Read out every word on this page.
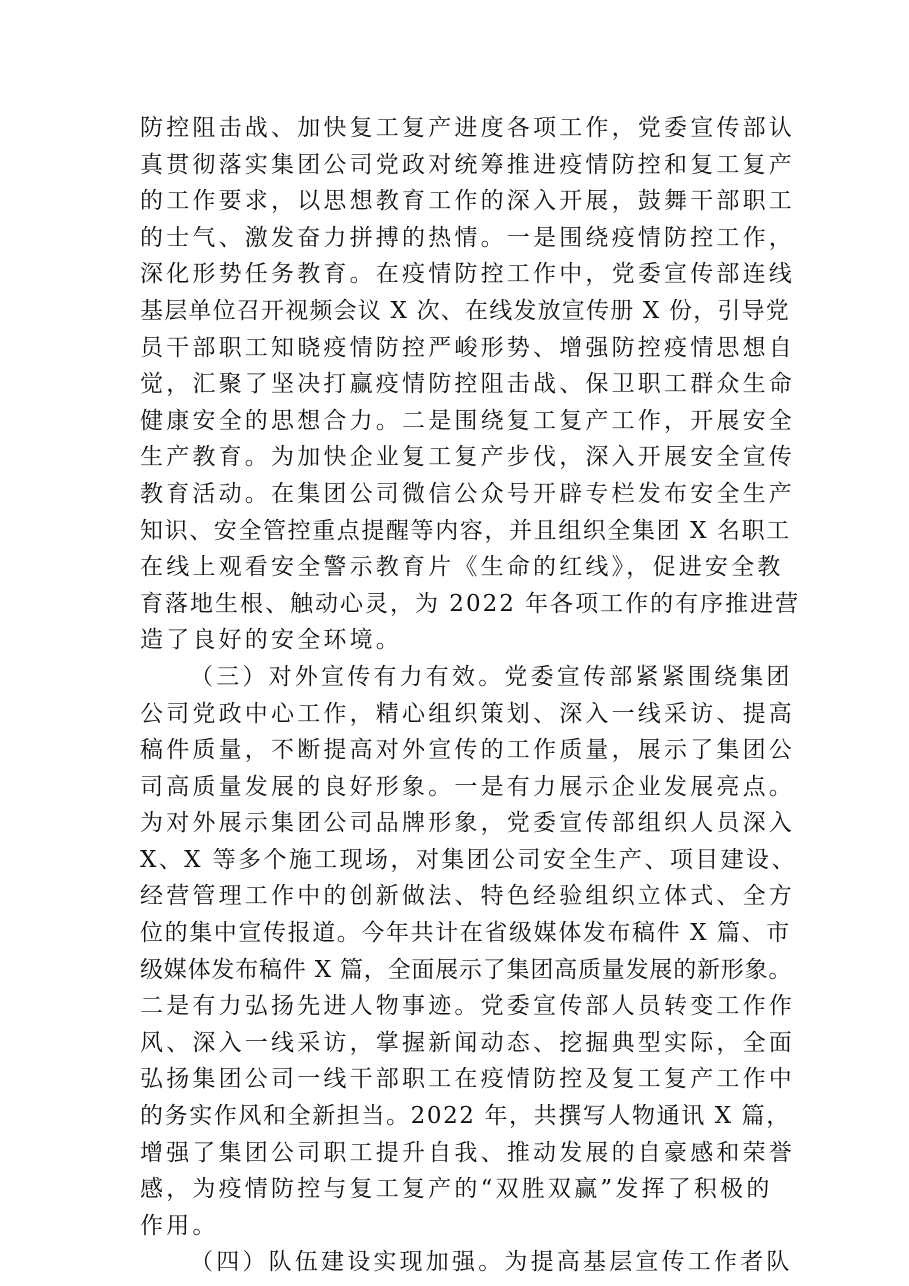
防控阻击战、加快复工复产进度各项工作，党委宣传部认
真贯彻落实集团公司党政对统筹推进疫情防控和复工复产
的工作要求，以思想教育工作的深入开展，鼓舞干部职工
的士气、激发奋力拼搏的热情。一是围绕疫情防控工作，
深化形势任务教育。在疫情防控工作中，党委宣传部连线
基层单位召开视频会议 X 次、在线发放宣传册 X 份，引导党
员干部职工知晓疫情防控严峻形势、增强防控疫情思想自
觉，汇聚了坚决打赢疫情防控阻击战、保卫职工群众生命
健康安全的思想合力。二是围绕复工复产工作，开展安全
生产教育。为加快企业复工复产步伐，深入开展安全宣传
教育活动。在集团公司微信公众号开辟专栏发布安全生产
知识、安全管控重点提醒等内容，并且组织全集团 X 名职工
在线上观看安全警示教育片《生命的红线》，促进安全教
育落地生根、触动心灵，为 2022 年各项工作的有序推进营
造了良好的安全环境。
（三）对外宣传有力有效。党委宣传部紧紧围绕集团
公司党政中心工作，精心组织策划、深入一线采访、提高
稿件质量，不断提高对外宣传的工作质量，展示了集团公
司高质量发展的良好形象。一是有力展示企业发展亮点。
为对外展示集团公司品牌形象，党委宣传部组织人员深入
X、X 等多个施工现场，对集团公司安全生产、项目建设、
经营管理工作中的创新做法、特色经验组织立体式、全方
位的集中宣传报道。今年共计在省级媒体发布稿件 X 篇、市
级媒体发布稿件 X 篇，全面展示了集团高质量发展的新形象。
二是有力弘扬先进人物事迹。党委宣传部人员转变工作作
风、深入一线采访，掌握新闻动态、挖掘典型实际，全面
弘扬集团公司一线干部职工在疫情防控及复工复产工作中
的务实作风和全新担当。2022 年，共撰写人物通讯 X 篇，
增强了集团公司职工提升自我、推动发展的自豪感和荣誉
感，为疫情防控与复工复产的“双胜双赢”发挥了积极的
作用。
（四）队伍建设实现加强。为提高基层宣传工作者队
